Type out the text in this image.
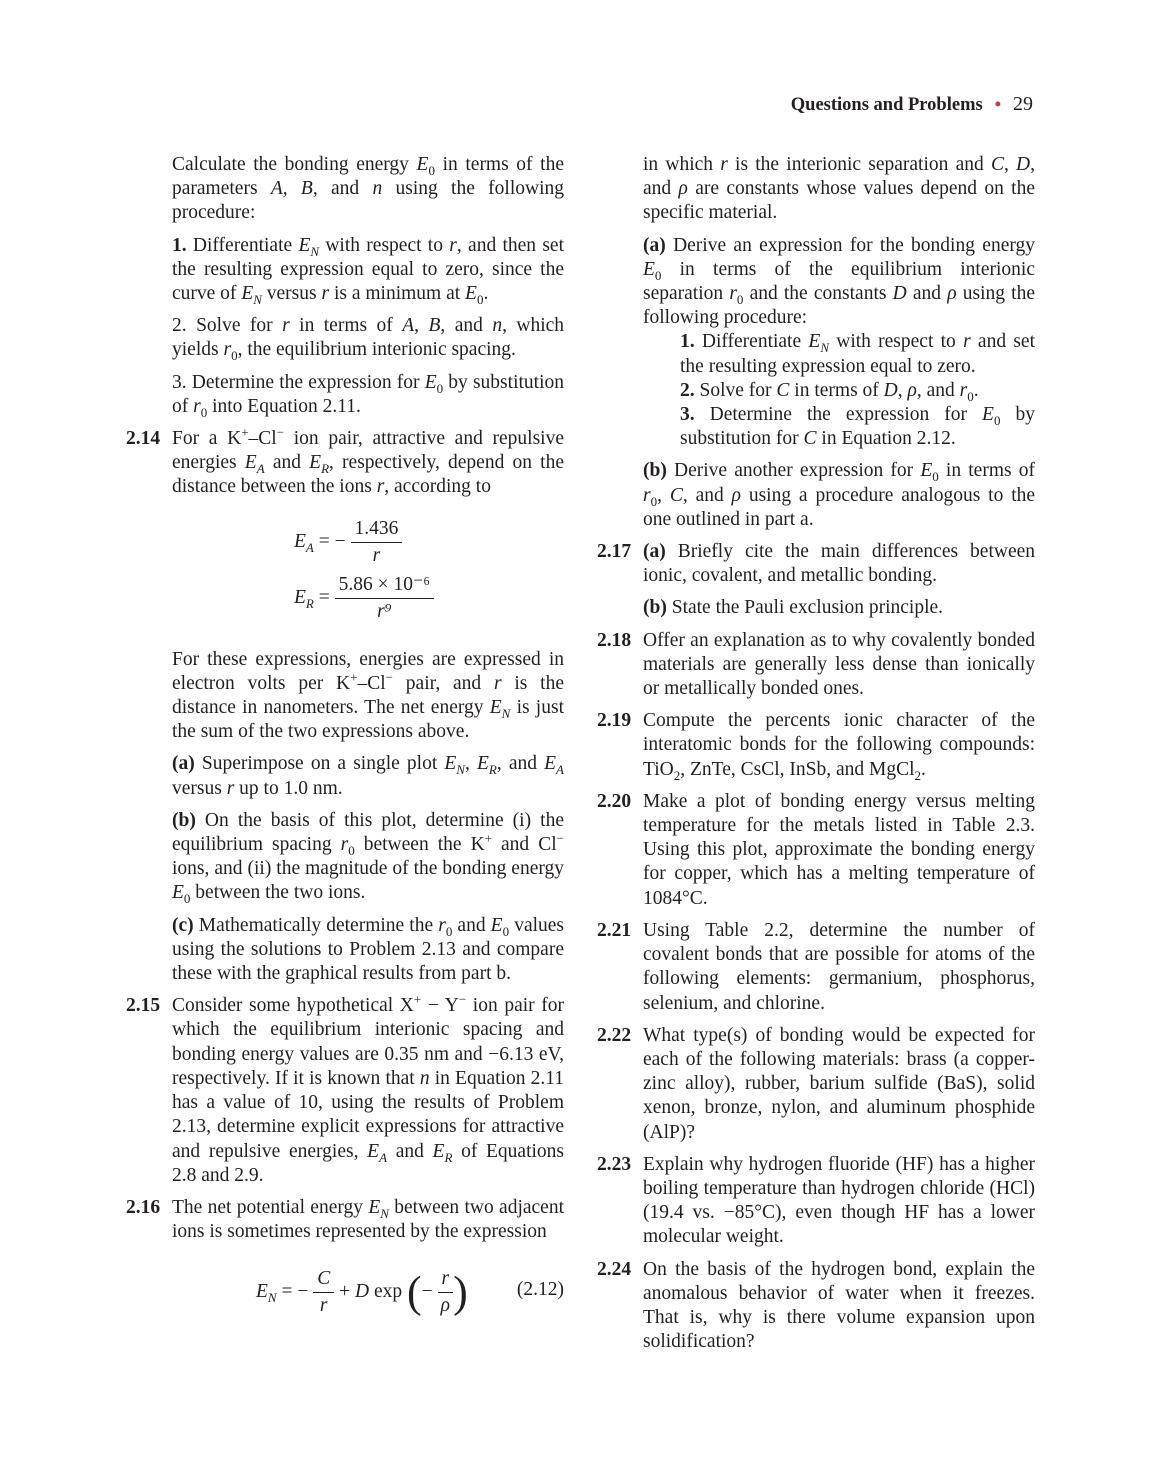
Questions and Problems • 29

Calculate the bonding energy $E_0$ in terms of the parameters A, B, and n using the following procedure:

1. Differentiate $E_N$ with respect to r, and then set the resulting expression equal to zero, since the curve of $E_N$ versus r is a minimum at $E_0$.

2. Solve for r in terms of A, B, and n, which yields $r_0$, the equilibrium interionic spacing.

3. Determine the expression for $E_0$ by substitution of $r_0$ into Equation 2.11.

2.14 For a K+–Cl− ion pair, attractive and repulsive energies $E_A$ and $E_R$, respectively, depend on the distance between the ions r, according to

$E_A$ = − $\frac{1.436}{r}$
$E_R = \frac{\text{5.86 × 10⁻⁶}}{\text{r⁹}}$

For these expressions, energies are expressed in electron volts per K+–Cl− pair, and r is the distance in nanometers. The net energy $E_N$ is just the sum of the two expressions above.

(a) Superimpose on a single plot $E_N$, $E_R$, and $E_A$ versus r up to 1.0 nm.

(b) On the basis of this plot, determine (i) the equilibrium spacing $r_0$ between the K+ and Cl− ions, and (ii) the magnitude of the bonding energy $E_0$ between the two ions.

(c) Mathematically determine the $r_0$ and $E_0$ values using the solutions to Problem 2.13 and compare these with the graphical results from part b.

2.15 Consider some hypothetical X+ − Y− ion pair for which the equilibrium interionic spacing and bonding energy values are 0.35 nm and −6.13 eV, respectively. If it is known that n in Equation 2.11 has a value of 10, using the results of Problem 2.13, determine explicit expressions for attractive and repulsive energies, $E_A$ and $E_R$ of Equations 2.8 and 2.9.

2.16 The net potential energy $E_N$ between two adjacent ions is sometimes represented by the expression

$E_N$ = − $\frac{C}{r} + D$ exp (− $\frac{r}{\rho}$ )	(2.12)

in which r is the interionic separation and C, D, and ρ are constants whose values depend on the specific material.

(a) Derive an expression for the bonding energy $E_0$ in terms of the equilibrium interionic separation $r_0$ and the constants D and ρ using the following procedure:

1. Differentiate $E_N$ with respect to r and set the resulting expression equal to zero.

2. Solve for C in terms of D, ρ, and $r_0$.

3. Determine the expression for $E_0$ by substitution for C in Equation 2.12.

(b) Derive another expression for $E_0$ in terms of $r_0$, C, and ρ using a procedure analogous to the one outlined in part a.

2.17 (a) Briefly cite the main differences between ionic, covalent, and metallic bonding.

(b) State the Pauli exclusion principle.

2.18 Offer an explanation as to why covalently bonded materials are generally less dense than ionically or metallically bonded ones.

2.19 Compute the percents ionic character of the interatomic bonds for the following compounds: TiO$_2$, ZnTe, CsCl, InSb, and MgCl$_2$.

2.20 Make a plot of bonding energy versus melting temperature for the metals listed in Table 2.3. Using this plot, approximate the bonding energy for copper, which has a melting temperature of 1084°C.

2.21 Using Table 2.2, determine the number of covalent bonds that are possible for atoms of the following elements: germanium, phosphorus, selenium, and chlorine.

2.22 What type(s) of bonding would be expected for each of the following materials: brass (a copper-zinc alloy), rubber, barium sulfide (BaS), solid xenon, bronze, nylon, and aluminum phosphide (AlP)?

2.23 Explain why hydrogen fluoride (HF) has a higher boiling temperature than hydrogen chloride (HCl) (19.4 vs. −85°C), even though HF has a lower molecular weight.

2.24 On the basis of the hydrogen bond, explain the anomalous behavior of water when it freezes. That is, why is there volume expansion upon solidification?
